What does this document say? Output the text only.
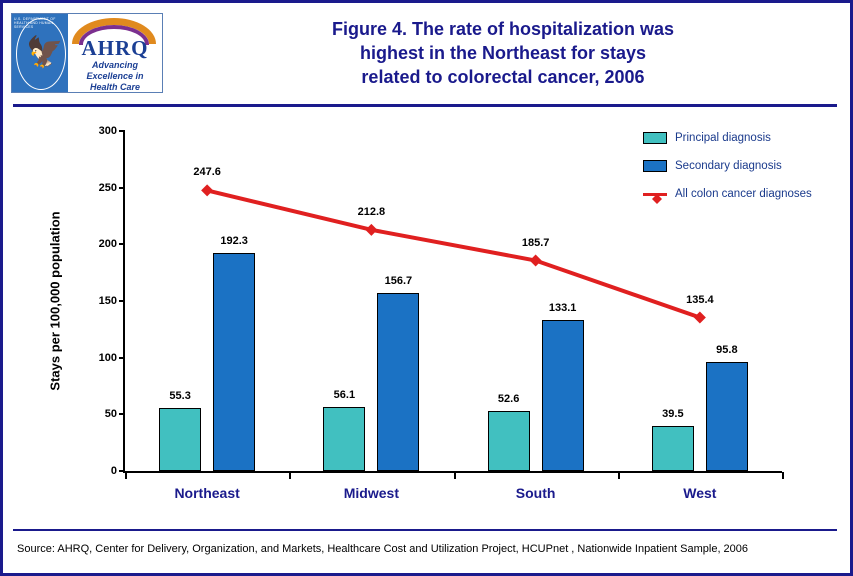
🦅
U.S. DEPARTMENT OF HEALTH AND HUMAN SERVICES
AHRQ
Advancing
Excellence in
Health Care
Figure 4. The rate of hospitalization was
highest in the Northeast for stays
related to colorectal cancer, 2006
Stays per 100,000 population
0
50
100
150
200
250
300
55.3
192.3
Northeast
56.1
156.7
Midwest
52.6
133.1
South
39.5
95.8
West
247.6
212.8
185.7
135.4
Principal diagnosis
Secondary diagnosis
All colon cancer diagnoses
Source: AHRQ, Center for Delivery, Organization, and Markets, Healthcare Cost and Utilization Project, HCUPnet , Nationwide Inpatient Sample, 2006
